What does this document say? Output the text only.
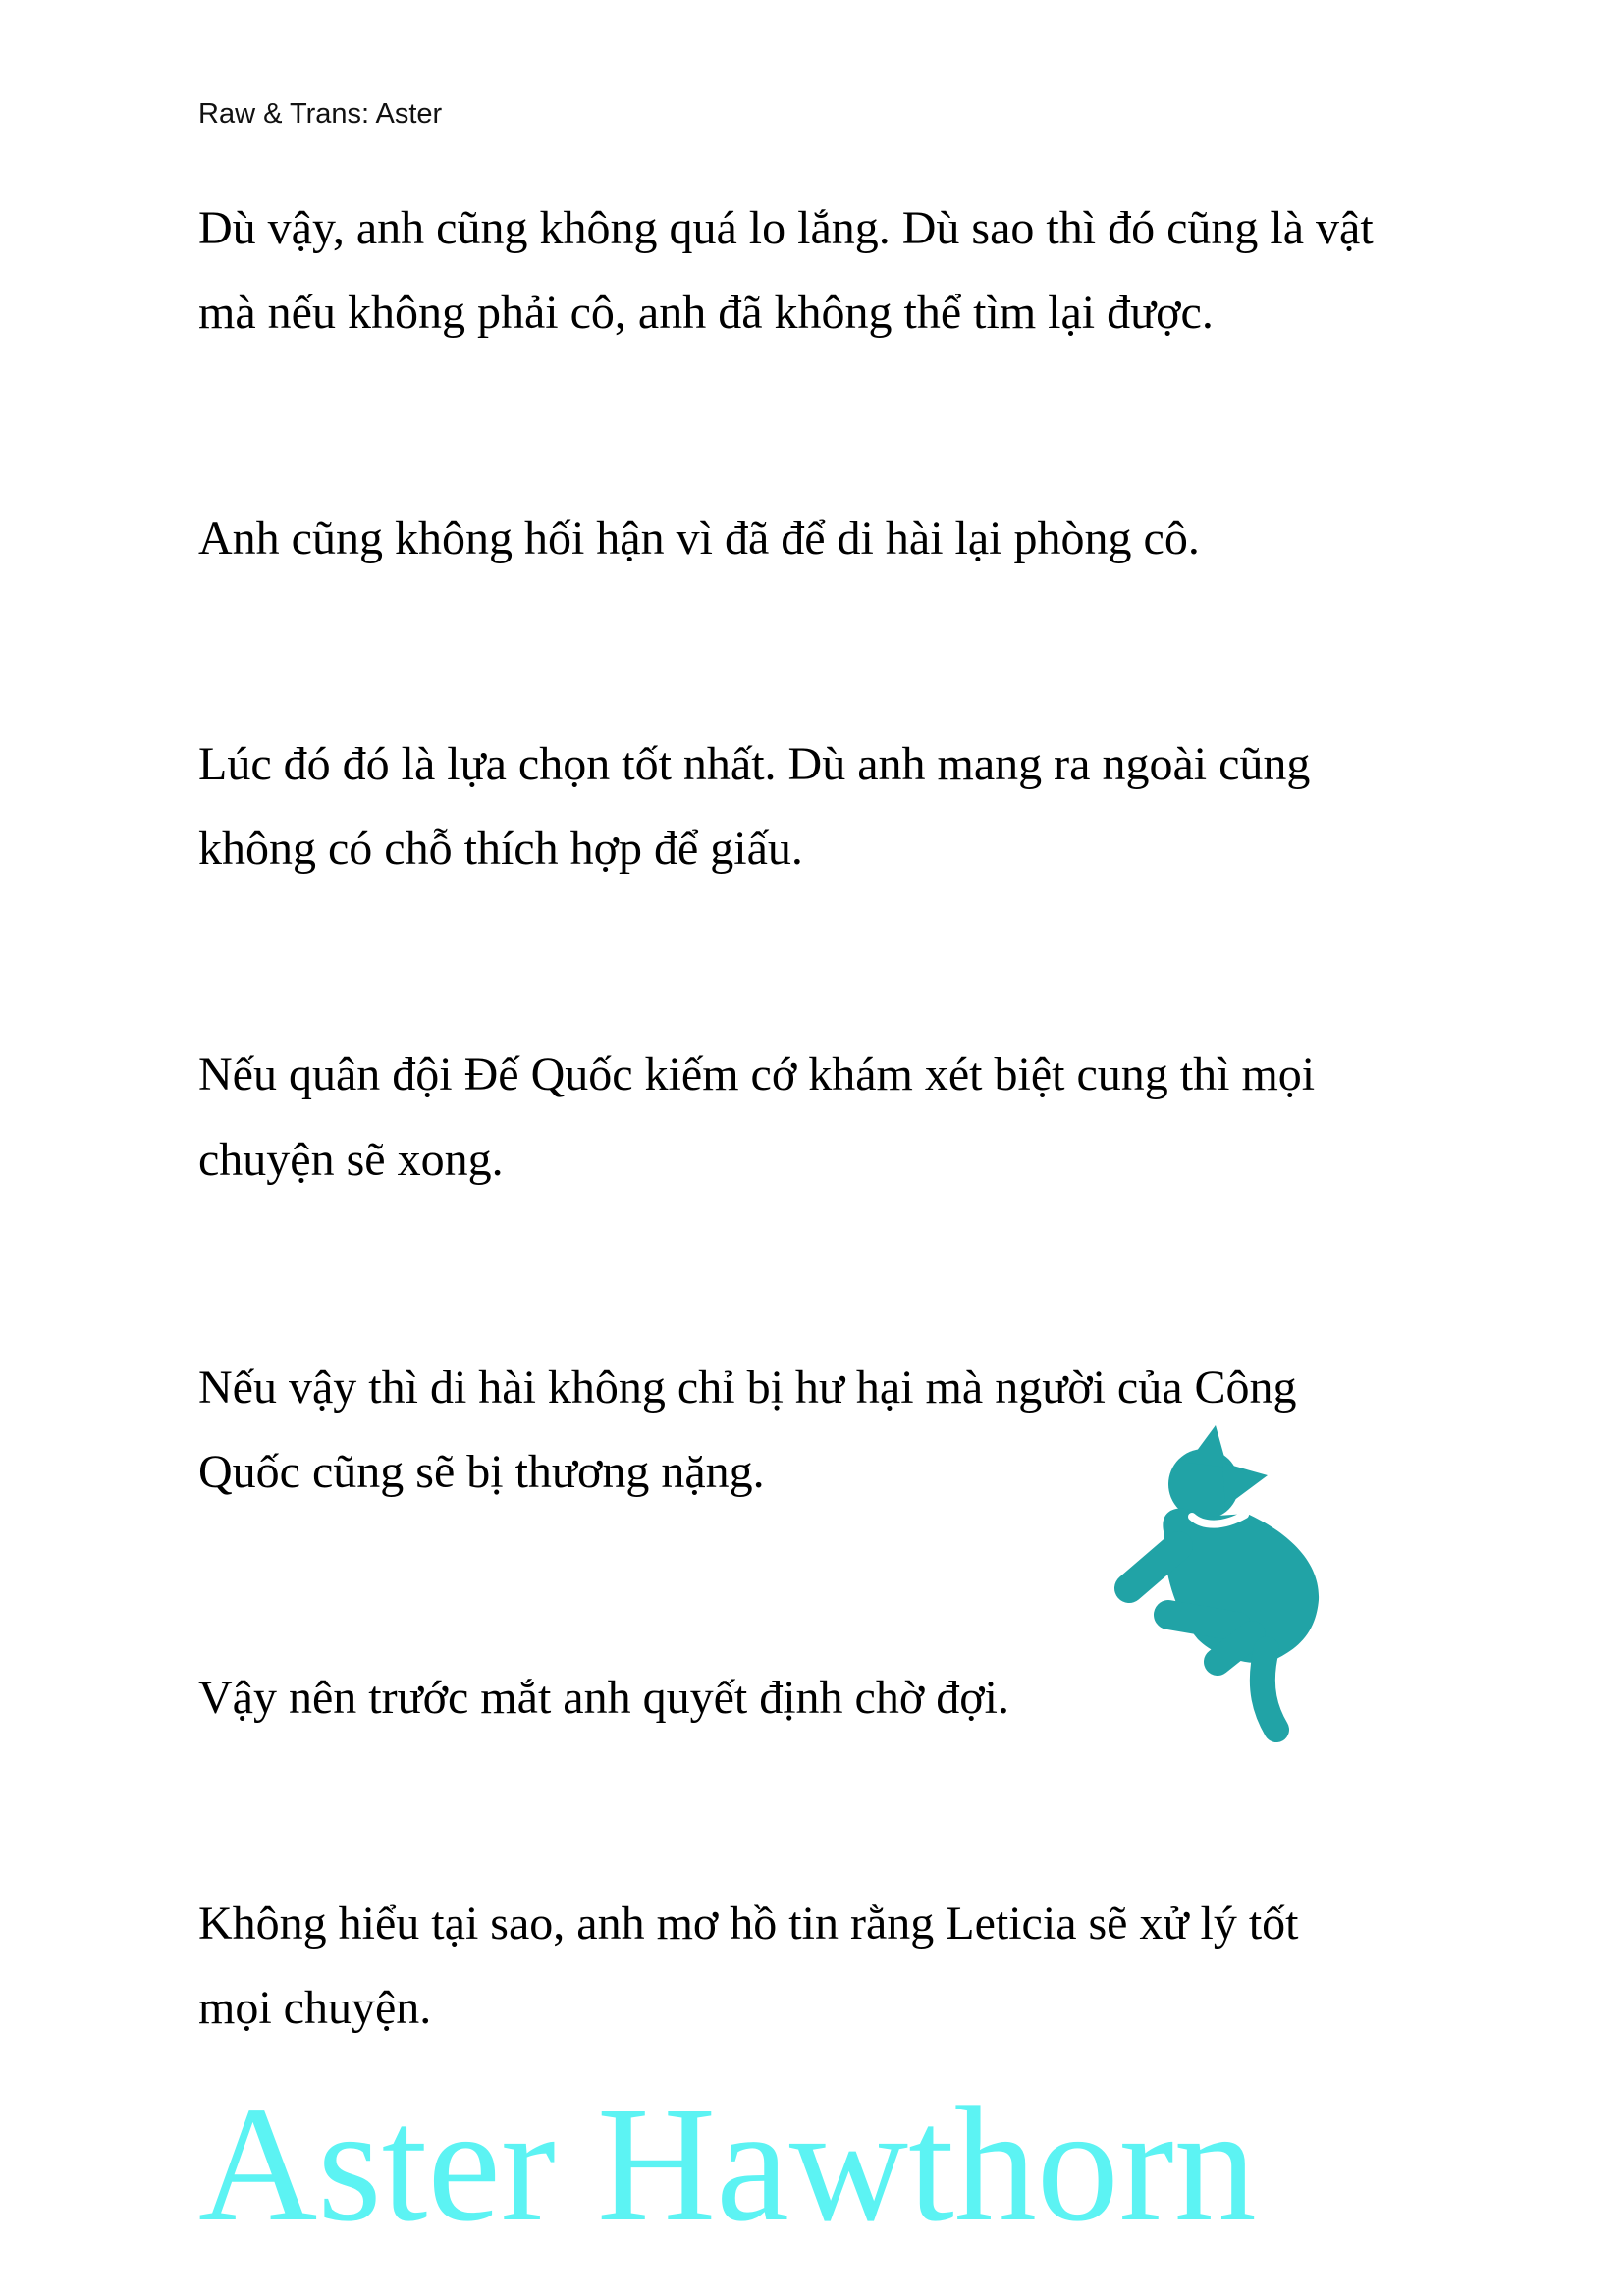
Raw & Trans: Aster
Dù vậy, anh cũng không quá lo lắng. Dù sao thì đó cũng là vật
mà nếu không phải cô, anh đã không thể tìm lại được.
Anh cũng không hối hận vì đã để di hài lại phòng cô.
Lúc đó đó là lựa chọn tốt nhất. Dù anh mang ra ngoài cũng
không có chỗ thích hợp để giấu.
Nếu quân đội Đế Quốc kiếm cớ khám xét biệt cung thì mọi
chuyện sẽ xong.
Nếu vậy thì di hài không chỉ bị hư hại mà người của Công
Quốc cũng sẽ bị thương nặng.
Vậy nên trước mắt anh quyết định chờ đợi.
Không hiểu tại sao, anh mơ hồ tin rằng Leticia sẽ xử lý tốt
mọi chuyện.
Aster Hawthorn
